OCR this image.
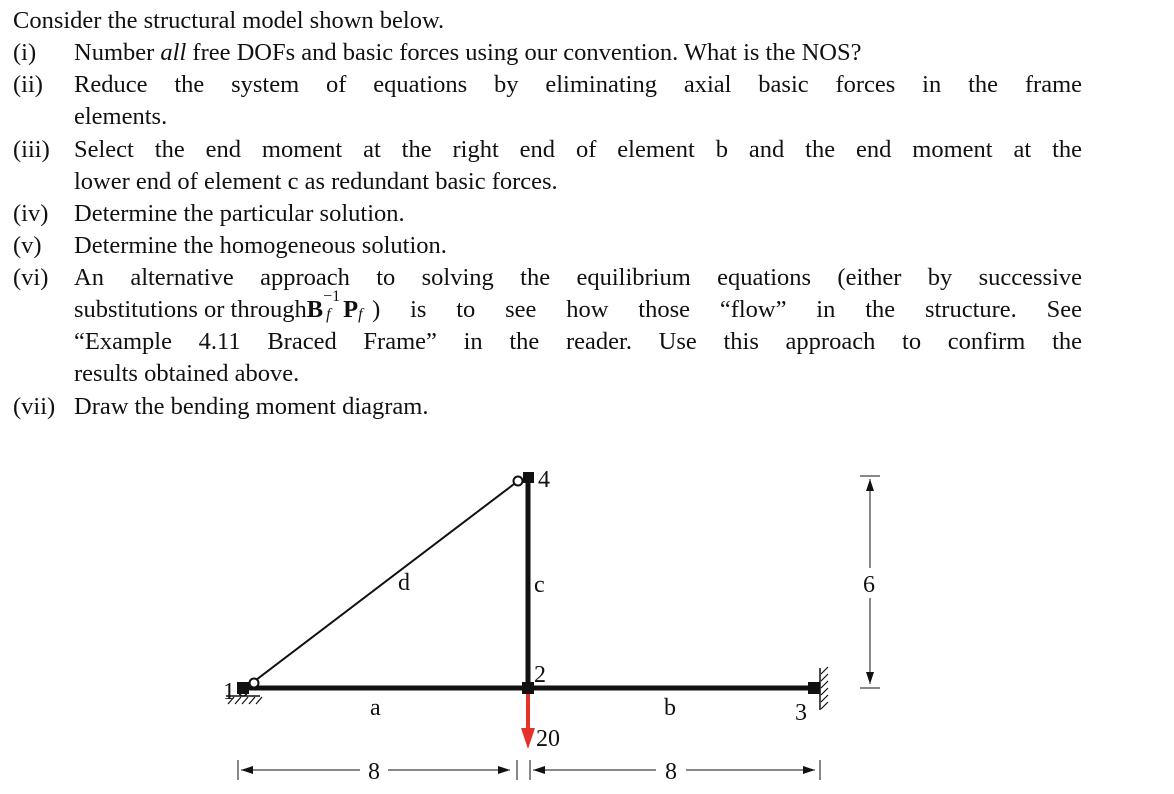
Consider the structural model shown below.
(i) Number all free DOFs and basic forces using our convention. What is the NOS?
(ii) Reduce the system of equations by eliminating axial basic forces in the frame
elements.
(iii) Select the end moment at the right end of element b and the end moment at the
lower end of element c as redundant basic forces.
(iv) Determine the particular solution.
(v) Determine the homogeneous solution.
(vi) An alternative approach to solving the equilibrium equations (either by successive
substitutions or through B −1
f P f
) is to see how those “flow” in the structure. See
“Example 4.11 Braced Frame” in the reader. Use this approach to confirm the
results obtained above.
(vii) Draw the bending moment diagram.
1
2
3
4
a	b
c
d
20
8	8
6
